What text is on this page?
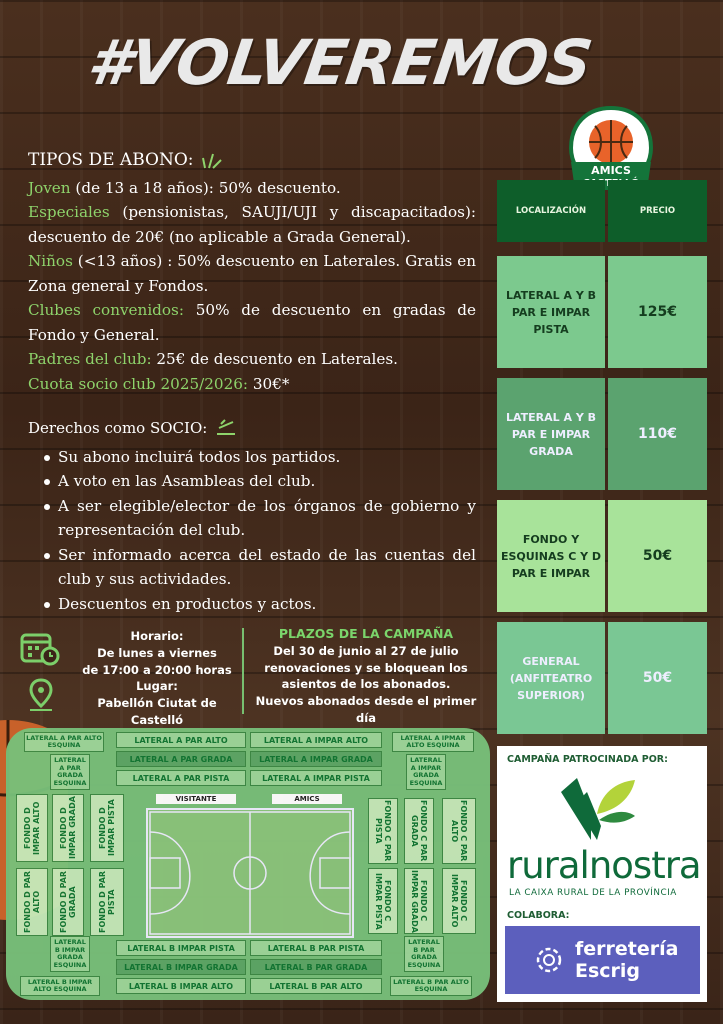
#VOLVEREMOS
TIPOS DE ABONO:
Joven (de 13 a 18 años): 50% descuento.
Especiales (pensionistas, SAUJI/UJI y discapacitados): descuento de 20€ (no aplicable a Grada General).
Niños (<13 años) : 50% descuento en Laterales. Gratis en Zona general y Fondos.
Clubes convenidos: 50% de descuento en gradas de Fondo y General.
Padres del club: 25€ de descuento en Laterales.
Cuota socio club 2025/2026: 30€*
Derechos como SOCIO:
Su abono incluirá todos los partidos.
A voto en las Asambleas del club.
A ser elegible/elector de los órganos de gobierno y representación del club.
Ser informado acerca del estado de las cuentas del club y sus actividades.
Descuentos en productos y actos.
Horario:
De lunes a viernes
de 17:00 a 20:00 horas
Lugar:
Pabellón Ciutat de Castelló
PLAZOS DE LA CAMPAÑA
Del 30 de junio al 27 de julio
renovaciones y se bloquean los
asientos de los abonados.
Nuevos abonados desde el primer día
AMICS
LOCALIZACIÓN	PRECIO
LATERAL A Y B PAR E IMPAR PISTA
125€
LATERAL A Y B PAR E IMPAR GRADA
110€
FONDO Y ESQUINAS C Y D PAR E IMPAR
50€
GENERAL (ANFITEATRO SUPERIOR)
50€
CAMPAÑA PATROCINADA POR:
ruralnostra
LA CAIXA RURAL DE LA PROVÍNCIA
COLABORA:
ferretería
Escrig
LATERAL A PAR ALTO ESQUINA
LATERAL A PAR GRADA ESQUINA
LATERAL A IPMAR ALTO ESQUINA
LATERAL A IMPAR GRADA ESQUINA
LATERAL A PAR ALTO	LATERAL A IMPAR ALTO
LATERAL A PAR GRADA	LATERAL A IMPAR GRADA
LATERAL A PAR PISTA	LATERAL A IMPAR PISTA
FONDO D IMPAR ALTO	FONDO D IMPAR GRADA	FONDO D IMPAR PISTA
FONDO D PAR ALTO	FONDO D PAR GRADA	FONDO D PAR PISTA
VISITANTE	AMICS
FONDO C PAR PISTA	FONDO C PAR GRADA	FONDO C PAR ALTO
FONDO C IMPAR PISTA	FONDO C IMPAR GRADA	FONDO C IMPAR ALTO
LATERAL B IMPAR GRADA ESQUINA
LATERAL B IMPAR ALTO ESQUINA
LATERAL B PAR GRADA ESQUINA
LATERAL B PAR ALTO ESQUINA
LATERAL B IMPAR PISTA	LATERAL B PAR PISTA
LATERAL B IMPAR GRADA	LATERAL B PAR GRADA
LATERAL B IMPAR ALTO	LATERAL B PAR ALTO
